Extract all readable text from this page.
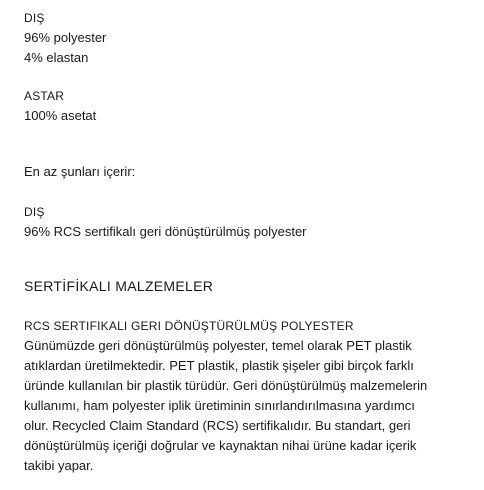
DIŞ

96% polyester

4% elastan

ASTAR

100% asetat

En az şunları içerir:

DIŞ

96% RCS sertifikalı geri dönüştürülmüş polyester

SERTİFİKALI MALZEMELER

RCS SERTIFIKALI GERI DÖNÜŞTÜRÜLMÜŞ POLYESTER

Günümüzde geri dönüştürülmüş polyester, temel olarak PET plastik

atıklardan üretilmektedir. PET plastik, plastik şişeler gibi birçok farklı

üründe kullanılan bir plastik türüdür. Geri dönüştürülmüş malzemelerin

kullanımı, ham polyester iplik üretiminin sınırlandırılmasına yardımcı

olur. Recycled Claim Standard (RCS) sertifikalıdır. Bu standart, geri

dönüştürülmüş içeriği doğrular ve kaynaktan nihai ürüne kadar içerik

takibi yapar.
